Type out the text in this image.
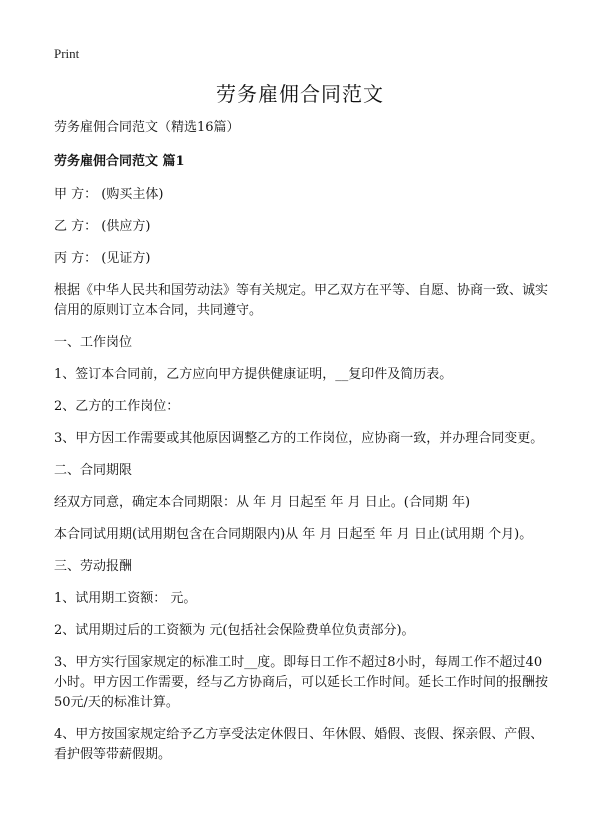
Print
劳务雇佣合同范文

劳务雇佣合同范文（精选16篇）

劳务雇佣合同范文 篇1

甲 方： (购买主体)

乙 方： (供应方)

丙 方： (见证方)

根据《中华人民共和国劳动法》等有关规定。甲乙双方在平等、自愿、协商一致、诚实信用的原则订立本合同，共同遵守。

一、工作岗位

1、签订本合同前，乙方应向甲方提供健康证明，__复印件及简历表。

2、乙方的工作岗位：

3、甲方因工作需要或其他原因调整乙方的工作岗位，应协商一致，并办理合同变更。

二、合同期限

经双方同意，确定本合同期限：从 年 月 日起至 年 月 日止。(合同期 年)

本合同试用期(试用期包含在合同期限内)从 年 月 日起至 年 月 日止(试用期 个月)。

三、劳动报酬

1、试用期工资额： 元。

2、试用期过后的工资额为 元(包括社会保险费单位负责部分)。

3、甲方实行国家规定的标准工时__度。即每日工作不超过8小时，每周工作不超过40小时。甲方因工作需要，经与乙方协商后，可以延长工作时间。延长工作时间的报酬按50元/天的标准计算。

4、甲方按国家规定给予乙方享受法定休假日、年休假、婚假、丧假、探亲假、产假、看护假等带薪假期。
